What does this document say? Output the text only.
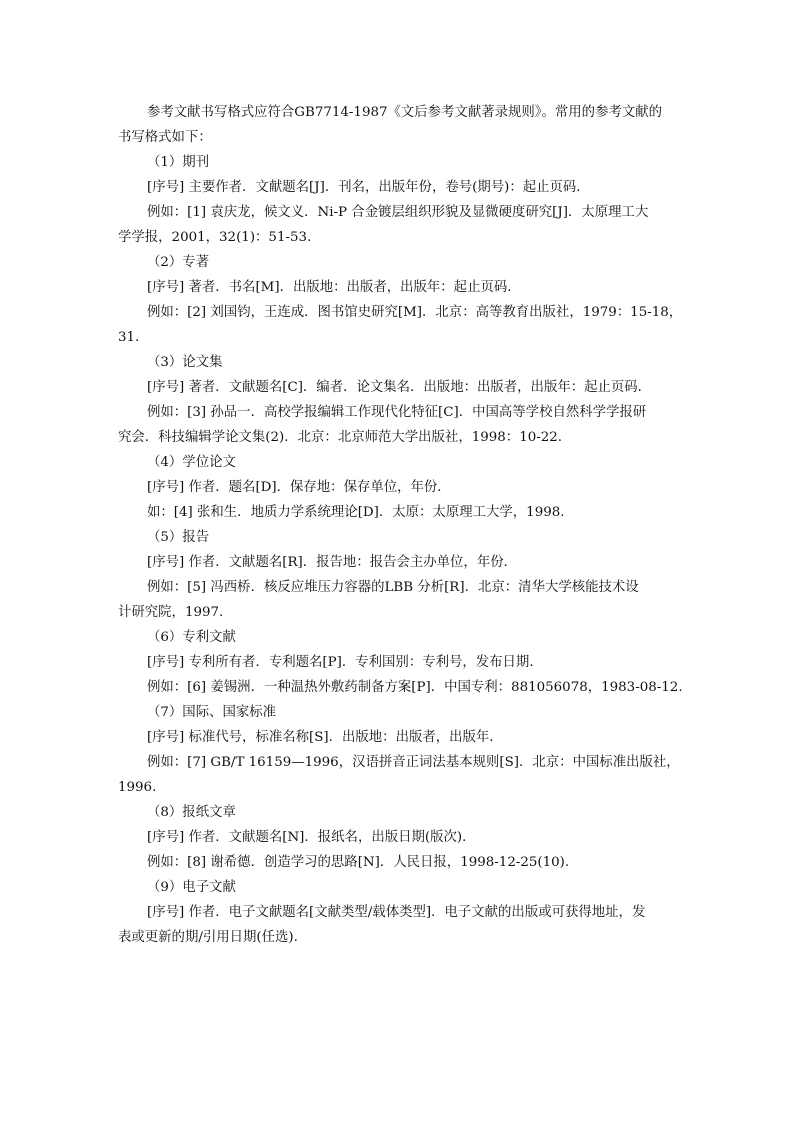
参考文献书写格式应符合GB7714-1987《文后参考文献著录规则》。常用的参考文献的

书写格式如下：

（1）期刊

[序号] 主要作者．文献题名[J]．刊名，出版年份，卷号(期号)：起止页码．

例如：[1] 袁庆龙，候文义．Ni-P 合金镀层组织形貌及显微硬度研究[J]．太原理工大

学学报，2001，32(1)：51-53.

（2）专著

[序号] 著者．书名[M]．出版地：出版者，出版年：起止页码．

例如：[2] 刘国钧，王连成．图书馆史研究[M]．北京：高等教育出版社，1979：15-18，

31.

（3）论文集

[序号] 著者．文献题名[C]．编者．论文集名．出版地：出版者，出版年：起止页码．

例如：[3] 孙品一．高校学报编辑工作现代化特征[C]．中国高等学校自然科学学报研

究会．科技编辑学论文集(2)．北京：北京师范大学出版社，1998：10-22.

（4）学位论文

[序号] 作者．题名[D]．保存地：保存单位，年份．

如：[4] 张和生．地质力学系统理论[D]．太原：太原理工大学，1998.

（5）报告

[序号] 作者．文献题名[R]．报告地：报告会主办单位，年份．

例如：[5] 冯西桥．核反应堆压力容器的LBB 分析[R]．北京：清华大学核能技术设

计研究院，1997.

（6）专利文献

[序号] 专利所有者．专利题名[P]．专利国别：专利号，发布日期．

例如：[6] 姜锡洲．一种温热外敷药制备方案[P]．中国专利：881056078，1983-08-12.

（7）国际、国家标准

[序号] 标准代号，标准名称[S]．出版地：出版者，出版年．

例如：[7] GB/T 16159—1996，汉语拼音正词法基本规则[S]．北京：中国标准出版社，

1996.

（8）报纸文章

[序号] 作者．文献题名[N]．报纸名，出版日期(版次)．

例如：[8] 谢希德．创造学习的思路[N]．人民日报，1998-12-25(10).

（9）电子文献

[序号] 作者．电子文献题名[文献类型/载体类型]．电子文献的出版或可获得地址，发

表或更新的期/引用日期(任选).
